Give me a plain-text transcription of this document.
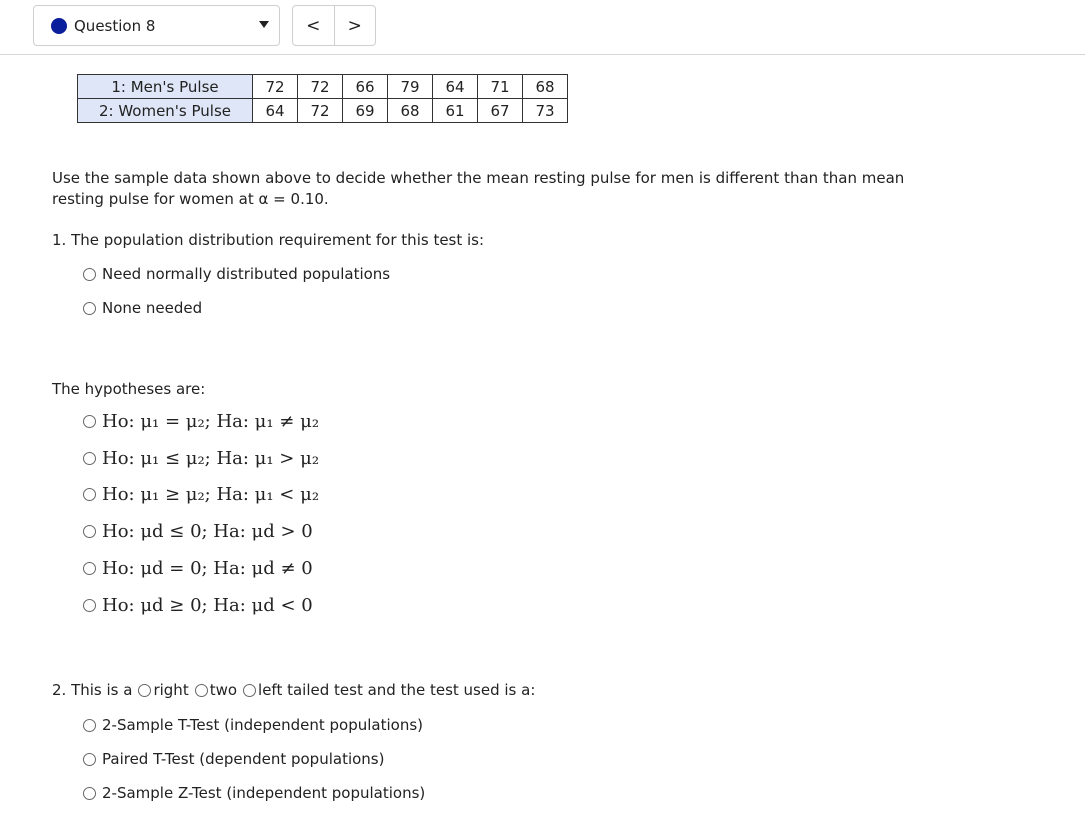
Question 8	<	>
1: Men's Pulse	72	72	66	79	64	71	68
2: Women's Pulse	64	72	69	68	61	67	73
Use the sample data shown above to decide whether the mean resting pulse for men is different than than mean resting pulse for women at α = 0.10.
1. The population distribution requirement for this test is:
Need normally distributed populations
None needed
The hypotheses are:
Ho: μ₁ = μ₂; Ha: μ₁ ≠ μ₂
Ho: μ₁ ≤ μ₂; Ha: μ₁ > μ₂
Ho: μ₁ ≥ μ₂; Ha: μ₁ < μ₂
Ho: μd ≤ 0; Ha: μd > 0
Ho: μd = 0; Ha: μd ≠ 0
Ho: μd ≥ 0; Ha: μd < 0
2. This is a right two left tailed test and the test used is a:
2-Sample T-Test (independent populations)
Paired T-Test (dependent populations)
2-Sample Z-Test (independent populations)
